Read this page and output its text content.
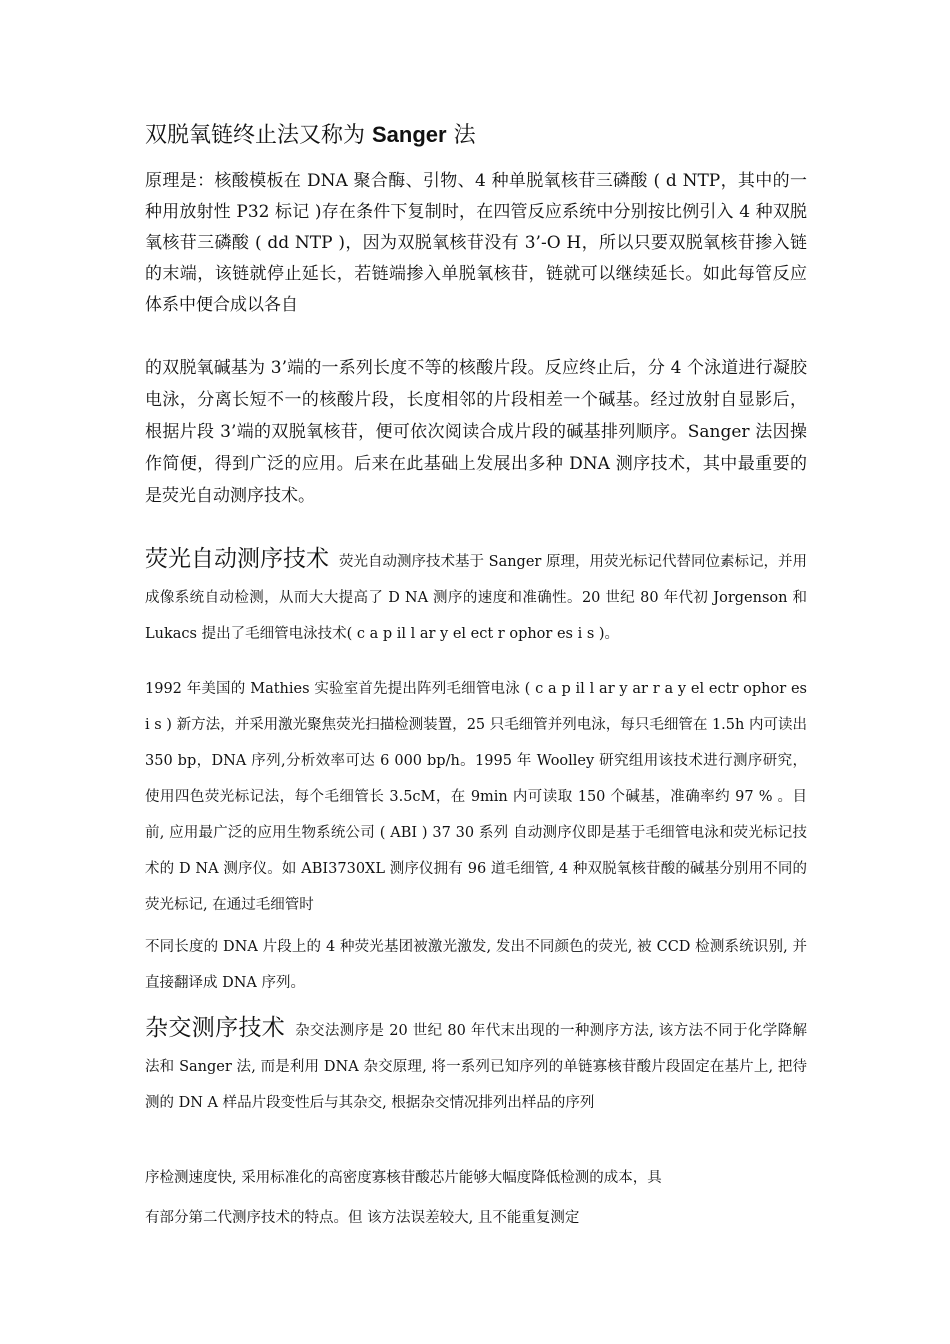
双脱氧链终止法又称为 Sanger 法
原理是：核酸模板在 DNA 聚合酶、引物、4 种单脱氧核苷三磷酸 ( d NTP，其中的一种用放射性 P32 标记 )存在条件下复制时，在四管反应系统中分别按比例引入 4 种双脱氧核苷三磷酸 ( dd NTP )，因为双脱氧核苷没有 3’-O H，所以只要双脱氧核苷掺入链的末端，该链就停止延长，若链端掺入单脱氧核苷，链就可以继续延长。如此每管反应体系中便合成以各自
的双脱氧碱基为 3’端的一系列长度不等的核酸片段。反应终止后，分 4 个泳道进行凝胶电泳，分离长短不一的核酸片段，长度相邻的片段相差一个碱基。经过放射自显影后，根据片段 3’端的双脱氧核苷，便可依次阅读合成片段的碱基排列顺序。Sanger 法因操作简便，得到广泛的应用。后来在此基础上发展出多种 DNA 测序技术，其中最重要的是荧光自动测序技术。
荧光自动测序技术 荧光自动测序技术基于 Sanger 原理，用荧光标记代替同位素标记，并用成像系统自动检测，从而大大提高了 D NA 测序的速度和准确性。20 世纪 80 年代初 Jorgenson 和 Lukacs 提出了毛细管电泳技术( c a p il l ar y el ect r ophor es i s )。
1992 年美国的 Mathies 实验室首先提出阵列毛细管电泳 ( c a p il l ar y ar r a y el ectr ophor es i s ) 新方法，并采用激光聚焦荧光扫描检测装置，25 只毛细管并列电泳，每只毛细管在 1.5h 内可读出 350 bp，DNA 序列,分析效率可达 6 000 bp/h。1995 年 Woolley 研究组用该技术进行测序研究，使用四色荧光标记法，每个毛细管长 3.5cM，在 9min 内可读取 150 个碱基，准确率约 97 % 。目前, 应用最广泛的应用生物系统公司 ( ABI ) 37 30 系列 自动测序仪即是基于毛细管电泳和荧光标记技术的 D NA 测序仪。如 ABI3730XL 测序仪拥有 96 道毛细管, 4 种双脱氧核苷酸的碱基分别用不同的荧光标记, 在通过毛细管时
不同长度的 DNA 片段上的 4 种荧光基团被激光激发, 发出不同颜色的荧光, 被 CCD 检测系统识别, 并直接翻译成 DNA 序列。
杂交测序技术 杂交法测序是 20 世纪 80 年代末出现的一种测序方法, 该方法不同于化学降解法和 Sanger 法, 而是利用 DNA 杂交原理, 将一系列已知序列的单链寡核苷酸片段固定在基片上, 把待测的 DN A 样品片段变性后与其杂交, 根据杂交情况排列出样品的序列
序检测速度快, 采用标准化的高密度寡核苷酸芯片能够大幅度降低检测的成本，具
有部分第二代测序技术的特点。但 该方法误差较大, 且不能重复测定
